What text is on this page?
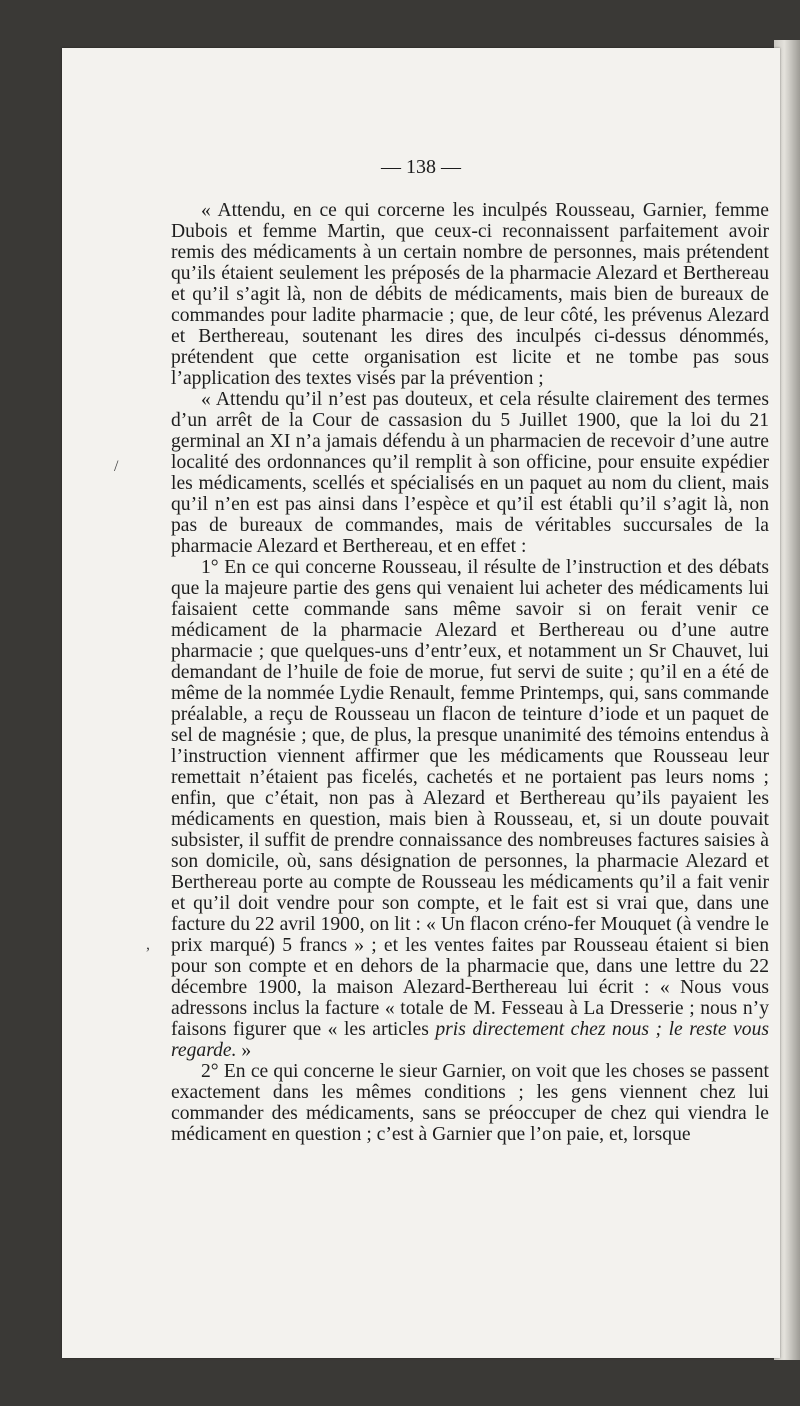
— 138 —

« Attendu, en ce qui corcerne les inculpés Rousseau, Garnier, femme Dubois et femme Martin, que ceux-ci reconnaissent parfaitement avoir remis des médicaments à un certain nombre de personnes, mais prétendent qu’ils étaient seulement les préposés de la pharmacie Alezard et Berthereau et qu’il s’agit là, non de débits de médicaments, mais bien de bureaux de commandes pour ladite pharmacie ; que, de leur côté, les prévenus Alezard et Berthereau, soutenant les dires des inculpés ci-dessus dénommés, prétendent que cette organisation est licite et ne tombe pas sous l’application des textes visés par la prévention ;

« Attendu qu’il n’est pas douteux, et cela résulte clairement des termes d’un arrêt de la Cour de cassasion du 5 Juillet 1900, que la loi du 21 germinal an XI n’a jamais défendu à un pharmacien de recevoir d’une autre localité des ordonnances qu’il remplit à son officine, pour ensuite expédier les médicaments, scellés et spécialisés en un paquet au nom du client, mais qu’il n’en est pas ainsi dans l’espèce et qu’il est établi qu’il s’agit là, non pas de bureaux de commandes, mais de véritables succursales de la pharmacie Alezard et Berthereau, et en effet :

1° En ce qui concerne Rousseau, il résulte de l’instruction et des débats que la majeure partie des gens qui venaient lui acheter des médicaments lui faisaient cette commande sans même savoir si on ferait venir ce médicament de la pharmacie Alezard et Berthereau ou d’une autre pharmacie ; que quelques-uns d’entr’eux, et notamment un Sr Chauvet, lui demandant de l’huile de foie de morue, fut servi de suite ; qu’il en a été de même de la nommée Lydie Renault, femme Printemps, qui, sans commande préalable, a reçu de Rousseau un flacon de teinture d’iode et un paquet de sel de magnésie ; que, de plus, la presque unanimité des témoins entendus à l’instruction viennent affirmer que les médicaments que Rousseau leur remettait n’étaient pas ficelés, cachetés et ne portaient pas leurs noms ; enfin, que c’était, non pas à Alezard et Berthereau qu’ils payaient les médicaments en question, mais bien à Rousseau, et, si un doute pouvait subsister, il suffit de prendre connaissance des nombreuses factures saisies à son domicile, où, sans désignation de personnes, la pharmacie Alezard et Berthereau porte au compte de Rousseau les médicaments qu’il a fait venir et qu’il doit vendre pour son compte, et le fait est si vrai que, dans une facture du 22 avril 1900, on lit : « Un flacon créno-fer Mouquet (à vendre le prix marqué) 5 francs » ; et les ventes faites par Rousseau étaient si bien pour son compte et en dehors de la pharmacie que, dans une lettre du 22 décembre 1900, la maison Alezard-Berthereau lui écrit : « Nous vous adressons inclus la facture « totale de M. Fesseau à La Dresserie ; nous n’y faisons figurer que « les articles pris directement chez nous ; le reste vous regarde. »

2° En ce qui concerne le sieur Garnier, on voit que les choses se passent exactement dans les mêmes conditions ; les gens viennent chez lui commander des médicaments, sans se préoccuper de chez qui viendra le médicament en question ; c’est à Garnier que l’on paie, et, lorsque

/
,
